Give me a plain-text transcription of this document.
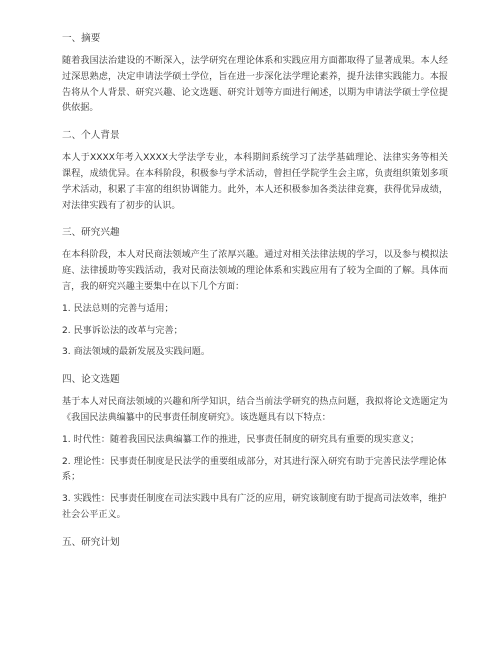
一、摘要

随着我国法治建设的不断深入，法学研究在理论体系和实践应用方面都取得了显著成果。本人经过深思熟虑，决定申请法学硕士学位，旨在进一步深化法学理论素养，提升法律实践能力。本报告将从个人背景、研究兴趣、论文选题、研究计划等方面进行阐述，以期为申请法学硕士学位提供依据。

二、个人背景

本人于XXXX年考入XXXX大学法学专业，本科期间系统学习了法学基础理论、法律实务等相关课程，成绩优异。在本科阶段，积极参与学术活动，曾担任学院学生会主席，负责组织策划多项学术活动，积累了丰富的组织协调能力。此外，本人还积极参加各类法律竞赛，获得优异成绩，对法律实践有了初步的认识。

三、研究兴趣

在本科阶段，本人对民商法领域产生了浓厚兴趣。通过对相关法律法规的学习，以及参与模拟法庭、法律援助等实践活动，我对民商法领域的理论体系和实践应用有了较为全面的了解。具体而言，我的研究兴趣主要集中在以下几个方面：

1. 民法总则的完善与适用；

2. 民事诉讼法的改革与完善；

3. 商法领域的最新发展及实践问题。

四、论文选题

基于本人对民商法领域的兴趣和所学知识，结合当前法学研究的热点问题，我拟将论文选题定为《我国民法典编纂中的民事责任制度研究》。该选题具有以下特点：

1. 时代性：随着我国民法典编纂工作的推进，民事责任制度的研究具有重要的现实意义；

2. 理论性：民事责任制度是民法学的重要组成部分，对其进行深入研究有助于完善民法学理论体系；

3. 实践性：民事责任制度在司法实践中具有广泛的应用，研究该制度有助于提高司法效率，维护社会公平正义。

五、研究计划
